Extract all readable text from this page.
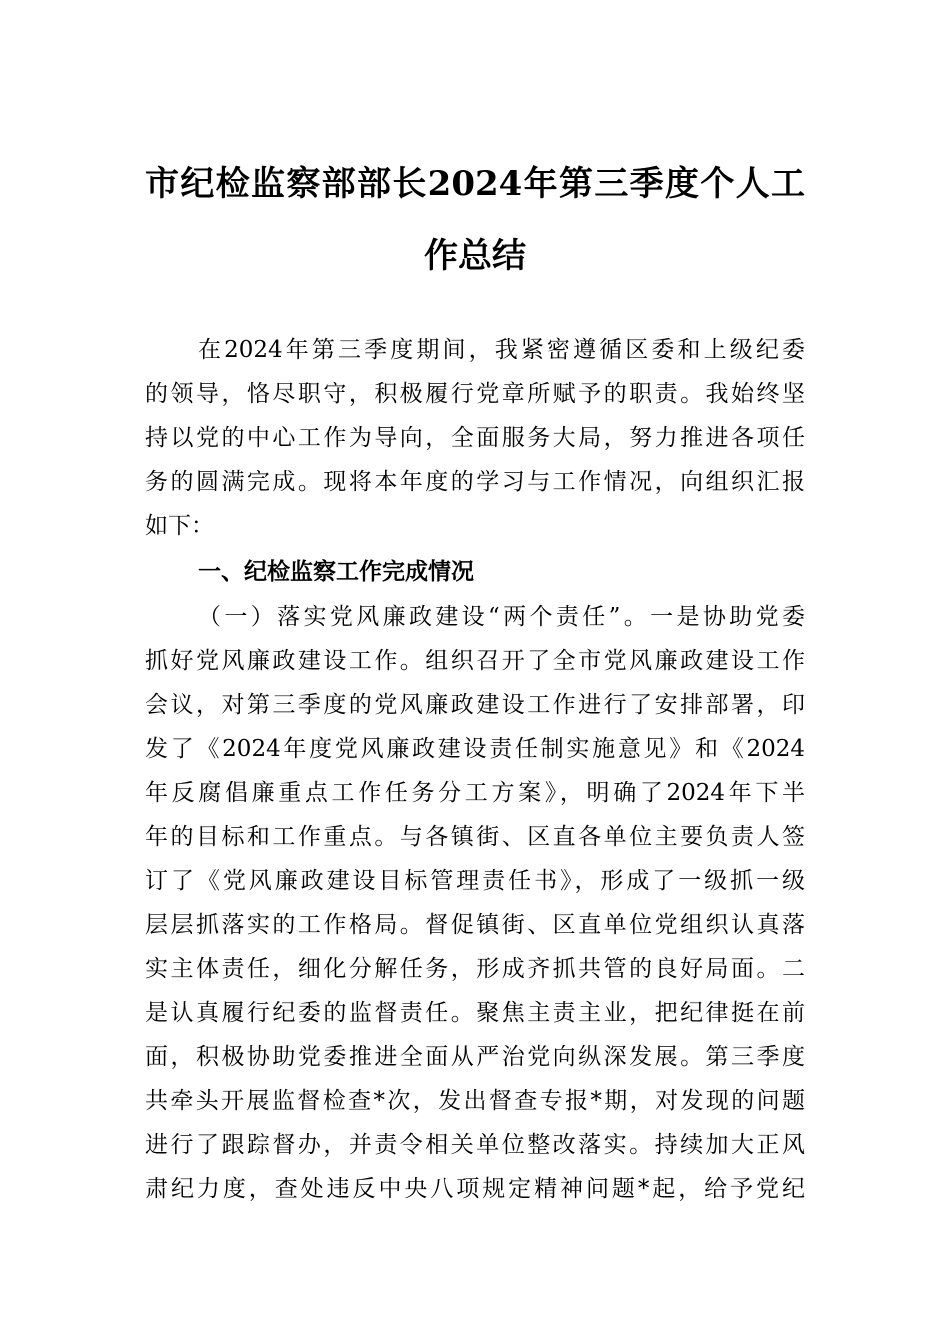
市纪检监察部部长2024年第三季度个人工
作总结
在2024年第三季度期间，我紧密遵循区委和上级纪委
的领导，恪尽职守，积极履行党章所赋予的职责。我始终坚
持以党的中心工作为导向，全面服务大局，努力推进各项任
务的圆满完成。现将本年度的学习与工作情况，向组织汇报
如下：
一、纪检监察工作完成情况
（一）落实党风廉政建设“两个责任”。一是协助党委
抓好党风廉政建设工作。组织召开了全市党风廉政建设工作
会议，对第三季度的党风廉政建设工作进行了安排部署，印
发了《2024年度党风廉政建设责任制实施意见》和《2024
年反腐倡廉重点工作任务分工方案》，明确了2024年下半
年的目标和工作重点。与各镇街、区直各单位主要负责人签
订了《党风廉政建设目标管理责任书》，形成了一级抓一级
层层抓落实的工作格局。督促镇街、区直单位党组织认真落
实主体责任，细化分解任务，形成齐抓共管的良好局面。二
是认真履行纪委的监督责任。聚焦主责主业，把纪律挺在前
面，积极协助党委推进全面从严治党向纵深发展。第三季度
共牵头开展监督检查*次，发出督查专报*期，对发现的问题
进行了跟踪督办，并责令相关单位整改落实。持续加大正风
肃纪力度，查处违反中央八项规定精神问题*起，给予党纪
